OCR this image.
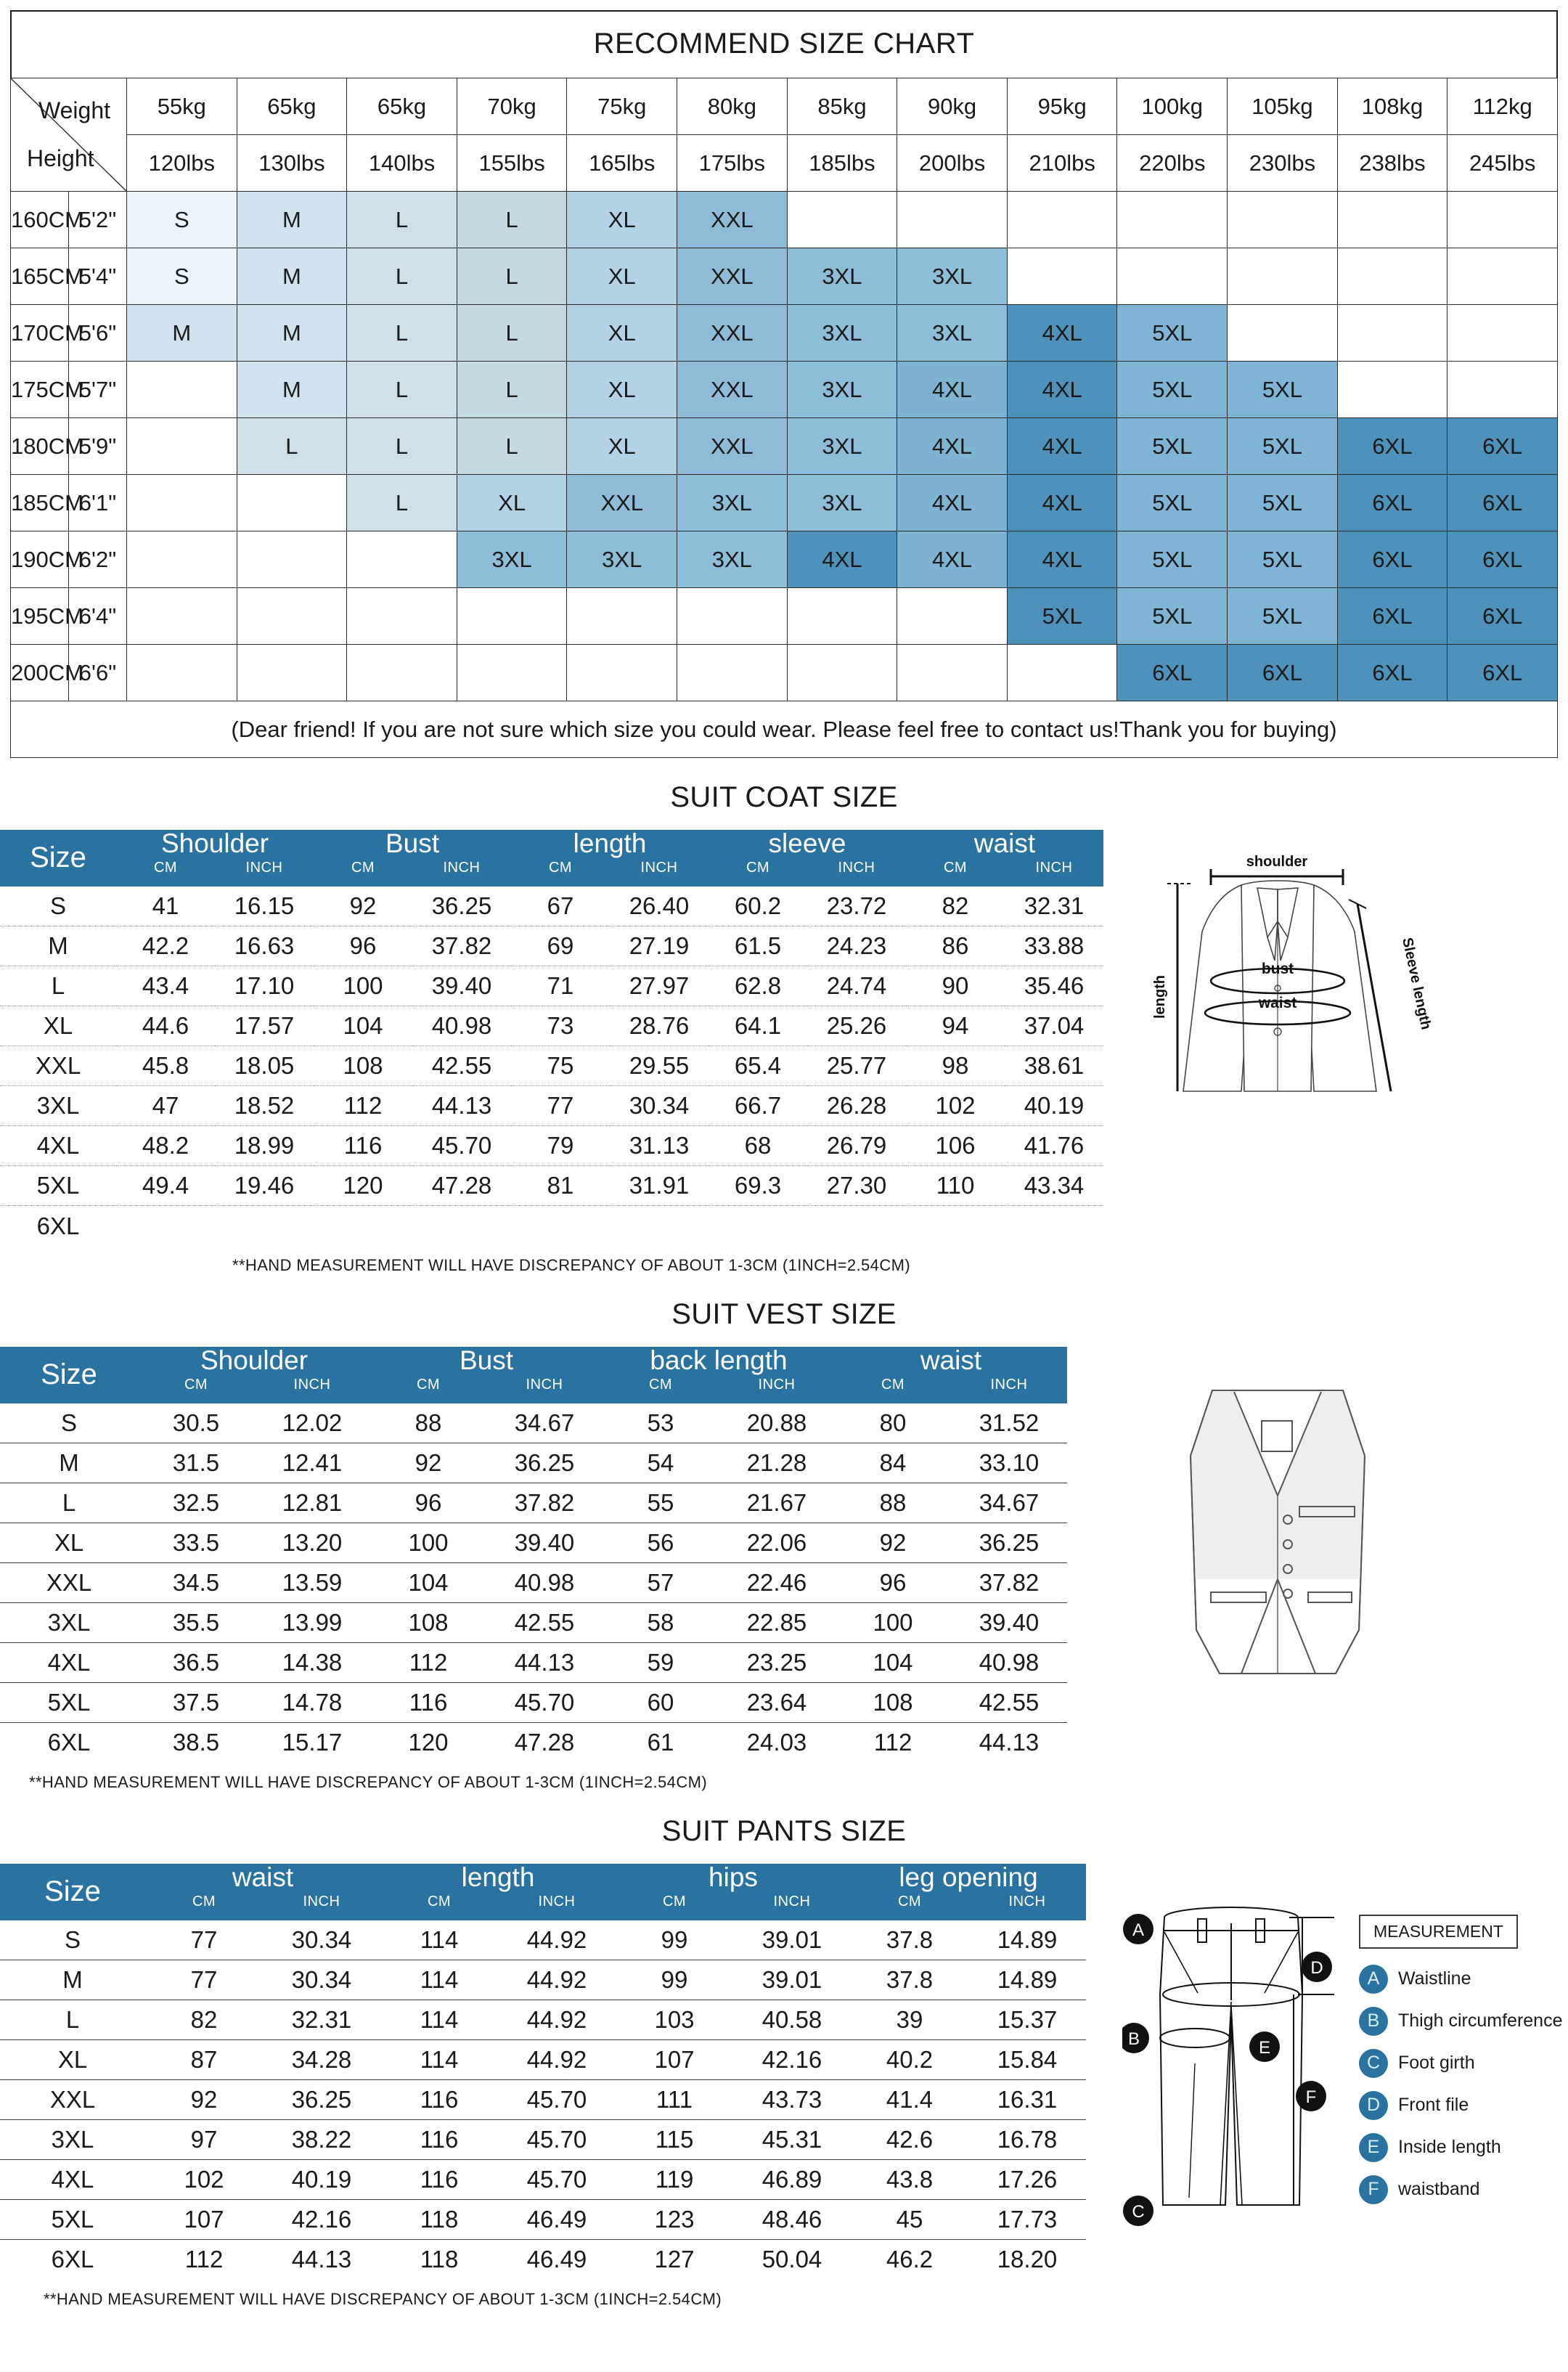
RECOMMEND SIZE CHART
Weight
Height		55kg	65kg	65kg	70kg	75kg	80kg	85kg	90kg	95kg	100kg	105kg	108kg	112kg
		120lbs	130lbs	140lbs	155lbs	165lbs	175lbs	185lbs	200lbs	210lbs	220lbs	230lbs	238lbs	245lbs
160CM	5'2"	S	M	L	L	XL	XXL							
165CM	5'4"	S	M	L	L	XL	XXL	3XL	3XL					
170CM	5'6"	M	M	L	L	XL	XXL	3XL	3XL	4XL	5XL			
175CM	5'7"		M	L	L	XL	XXL	3XL	4XL	4XL	5XL	5XL		
180CM	5'9"		L	L	L	XL	XXL	3XL	4XL	4XL	5XL	5XL	6XL	6XL
185CM	6'1"			L	XL	XXL	3XL	3XL	4XL	4XL	5XL	5XL	6XL	6XL
190CM	6'2"				3XL	3XL	3XL	4XL	4XL	4XL	5XL	5XL	6XL	6XL
195CM	6'4"									5XL	5XL	5XL	6XL	6XL
200CM	6'6"										6XL	6XL	6XL	6XL
(Dear friend! If you are not sure which size you could wear. Please feel free to contact us!Thank you for buying)														
SUIT COAT SIZE
Size	Shoulder		Bust		length		sleeve		waist	
	CM	INCH	CM	INCH	CM	INCH	CM	INCH	CM	INCH
S	41	16.15	92	36.25	67	26.40	60.2	23.72	82	32.31
M	42.2	16.63	96	37.82	69	27.19	61.5	24.23	86	33.88
L	43.4	17.10	100	39.40	71	27.97	62.8	24.74	90	35.46
XL	44.6	17.57	104	40.98	73	28.76	64.1	25.26	94	37.04
XXL	45.8	18.05	108	42.55	75	29.55	65.4	25.77	98	38.61
3XL	47	18.52	112	44.13	77	30.34	66.7	26.28	102	40.19
4XL	48.2	18.99	116	45.70	79	31.13	68	26.79	106	41.76
5XL	49.4	19.46	120	47.28	81	31.91	69.3	27.30	110	43.34
6XL										
**HAND MEASUREMENT WILL HAVE DISCREPANCY OF ABOUT 1-3CM (1INCH=2.54CM)
shoulder
length
bust
waist	Sleeve length
SUIT VEST SIZE
Size	Shoulder		Bust		back length		waist	
	CM	INCH	CM	INCH	CM	INCH	CM	INCH
S	30.5	12.02	88	34.67	53	20.88	80	31.52
M	31.5	12.41	92	36.25	54	21.28	84	33.10
L	32.5	12.81	96	37.82	55	21.67	88	34.67
XL	33.5	13.20	100	39.40	56	22.06	92	36.25
XXL	34.5	13.59	104	40.98	57	22.46	96	37.82
3XL	35.5	13.99	108	42.55	58	22.85	100	39.40
4XL	36.5	14.38	112	44.13	59	23.25	104	40.98
5XL	37.5	14.78	116	45.70	60	23.64	108	42.55
6XL	38.5	15.17	120	47.28	61	24.03	112	44.13
**HAND MEASUREMENT WILL HAVE DISCREPANCY OF ABOUT 1-3CM (1INCH=2.54CM)
SUIT PANTS SIZE
Size	waist		length		hips		leg opening	
	CM	INCH	CM	INCH	CM	INCH	CM	INCH
S	77	30.34	114	44.92	99	39.01	37.8	14.89
M	77	30.34	114	44.92	99	39.01	37.8	14.89
L	82	32.31	114	44.92	103	40.58	39	15.37
XL	87	34.28	114	44.92	107	42.16	40.2	15.84
XXL	92	36.25	116	45.70	111	43.73	41.4	16.31
3XL	97	38.22	116	45.70	115	45.31	42.6	16.78
4XL	102	40.19	116	45.70	119	46.89	43.8	17.26
5XL	107	42.16	118	46.49	123	48.46	45	17.73
6XL	112	44.13	118	46.49	127	50.04	46.2	18.20
**HAND MEASUREMENT WILL HAVE DISCREPANCY OF ABOUT 1-3CM (1INCH=2.54CM)
A
B
C
D
E
F
MEASUREMENT
A	Waistline
B	Thigh circumference
C Foot girth
D Front file
E	Inside length
F	waistband
